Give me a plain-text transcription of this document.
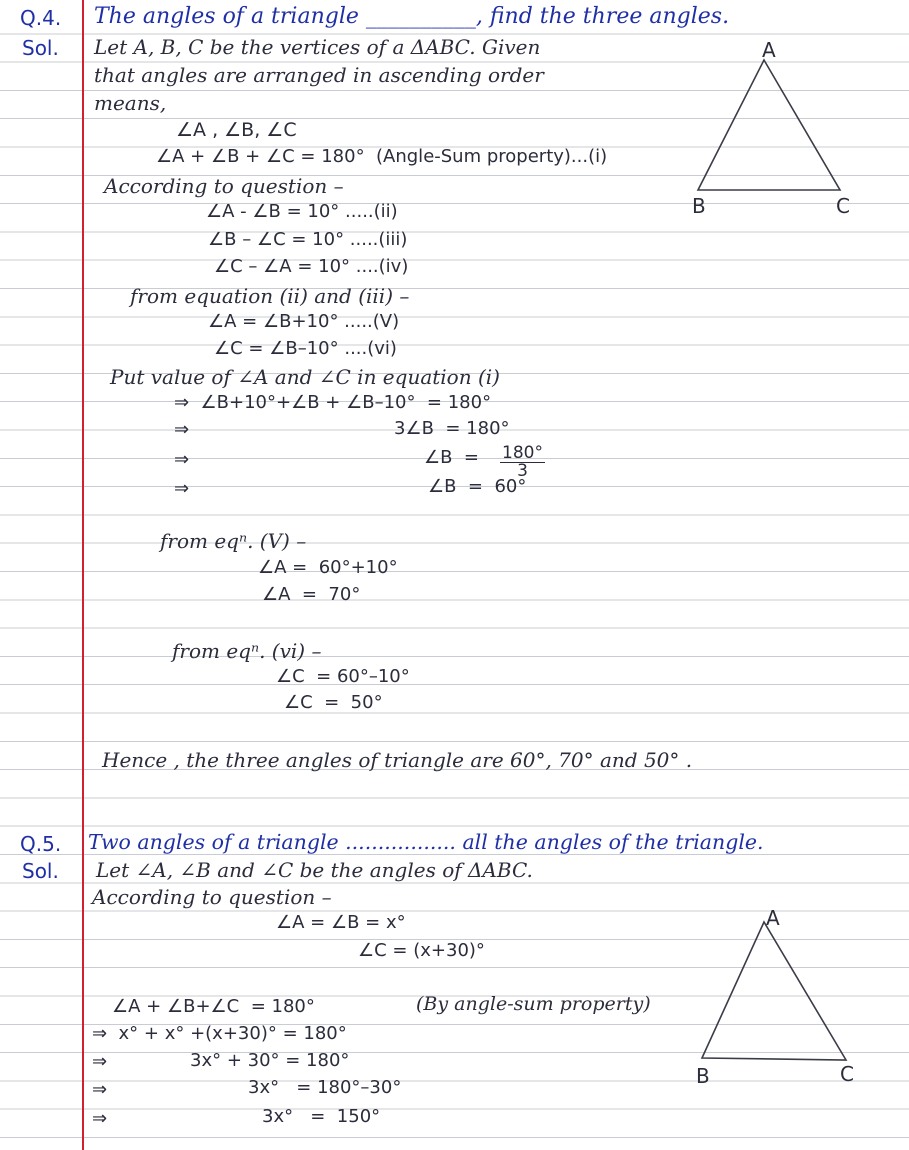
Q.4. The angles of a triangle __________, find the three angles.
Sol. Let A, B, C be the vertices of a ΔABC. Given
that angles are arranged in ascending order
means,
∠A , ∠B, ∠C
∠A + ∠B + ∠C = 180°  (Angle-Sum property)...(i)
According to question –
∠A - ∠B = 10° .....(ii)
∠B – ∠C = 10° .....(iii)
∠C – ∠A = 10° ....(iv)
from equation (ii) and (iii) –
∠A = ∠B+10° .....(V)
∠C = ∠B–10° ....(vi)
Put value of ∠A and ∠C in equation (i)
⇒  ∠B+10°+∠B + ∠B–10°  = 180°
⇒	3∠B  = 180°
⇒	∠B  = $\frac{180^\circ}{3}$
⇒	∠B  =  60°
from eqⁿ. (V) –
∠A =  60°+10°
∠A  =  70°
from eqⁿ. (vi) –
∠C  = 60°–10°
∠C  =  50°
Hence , the three angles of triangle are 60°, 70° and 50° .
A
B	C
Q.5. Two angles of a triangle ................. all the angles of the triangle.
Sol. Let ∠A, ∠B and ∠C be the angles of ΔABC.
According to question –
∠A = ∠B = x°
∠C = (x+30)°
∠A + ∠B+∠C  = 180°	(By angle-sum property)
⇒  x° + x° +(x+30)° = 180°
⇒	3x° + 30° = 180°
⇒	3x°   = 180°–30°
⇒	3x°   =  150°
A
B	C
